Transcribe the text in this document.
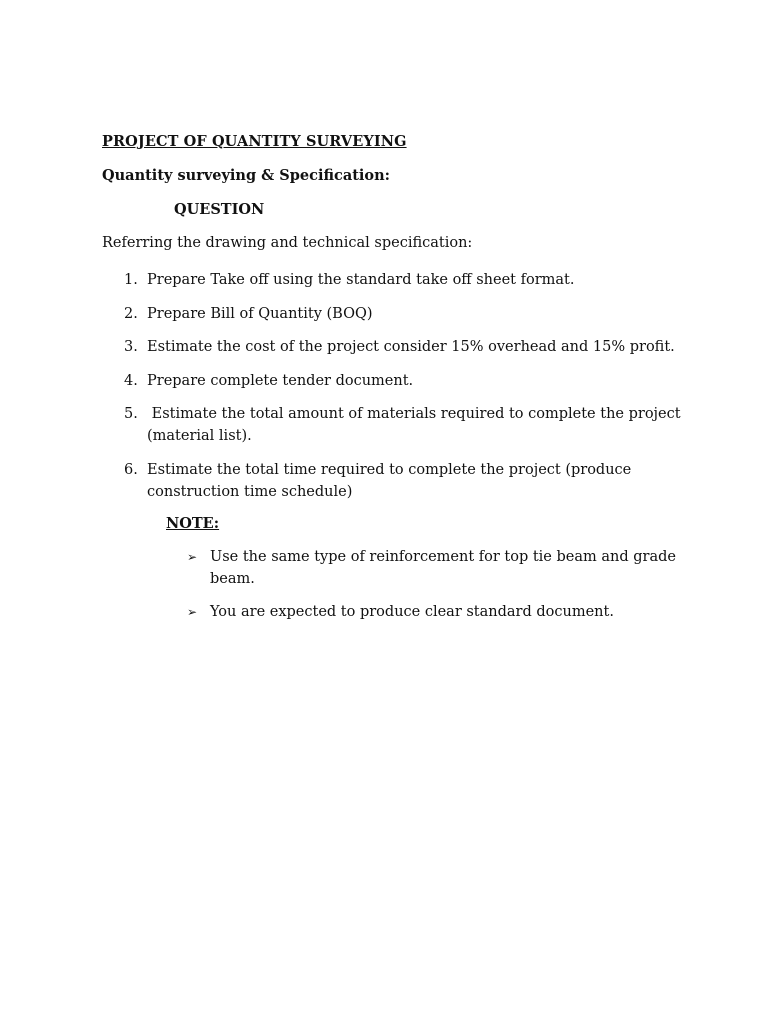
PROJECT OF QUANTITY SURVEYING
Quantity surveying & Specification:
QUESTION
Referring the drawing and technical specification:
1. Prepare Take off using the standard take off sheet format.
2. Prepare Bill of Quantity (BOQ)
3. Estimate the cost of the project consider 15% overhead and 15% profit.
4. Prepare complete tender document.
5. Estimate the total amount of materials required to complete the project (material list).
6. Estimate the total time required to complete the project (produce construction time schedule)
NOTE:
➢ Use the same type of reinforcement for top tie beam and grade beam.
➢ You are expected to produce clear standard document.
